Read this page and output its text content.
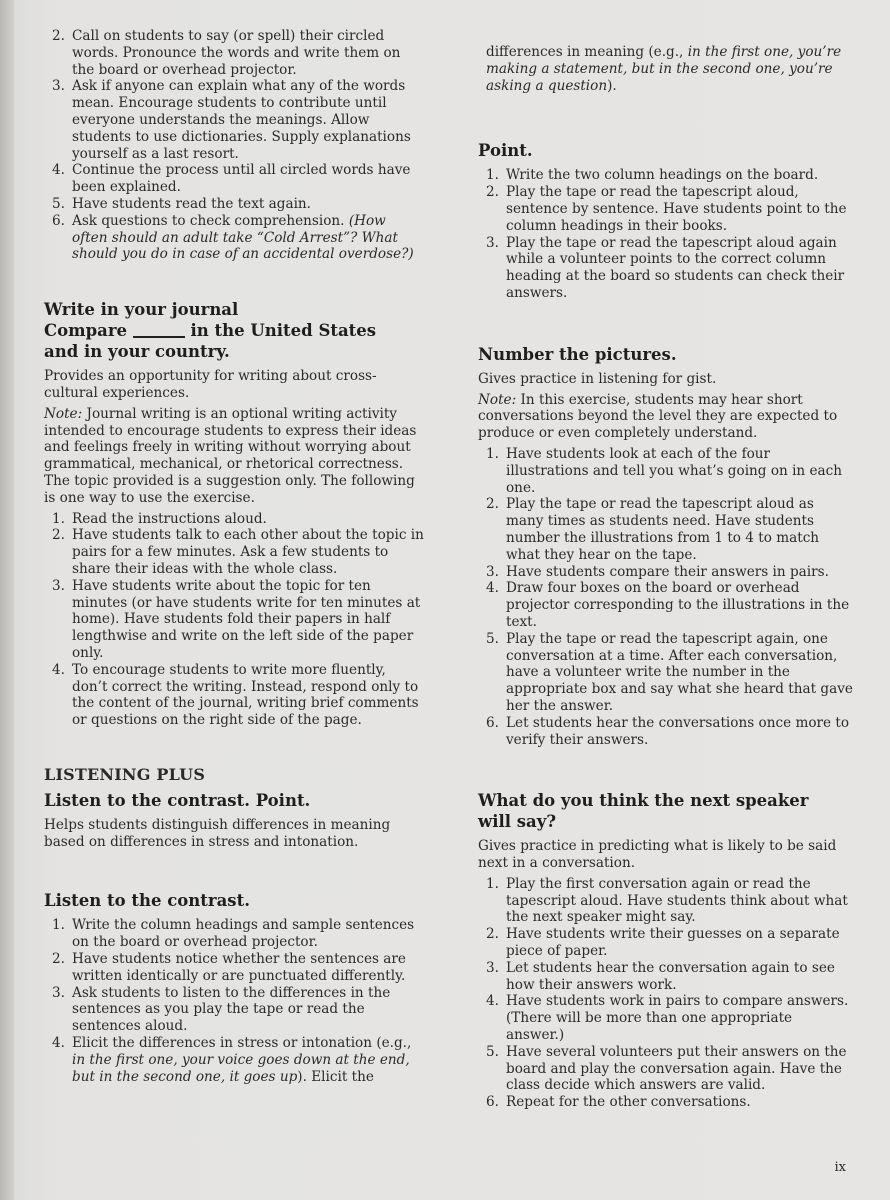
2. Call on students to say (or spell) their circled words. Pronounce the words and write them on the board or overhead projector.
3. Ask if anyone can explain what any of the words mean. Encourage students to contribute until everyone understands the meanings. Allow students to use dictionaries. Supply explanations yourself as a last resort.
4. Continue the process until all circled words have been explained.
5. Have students read the text again.
6. Ask questions to check comprehension. (How often should an adult take “Cold Arrest”? What should you do in case of an accidental overdose?)
Write in your journal
Compare	in the United States
and in your country.

Provides an opportunity for writing about cross-cultural experiences.

Note: Journal writing is an optional writing activity intended to encourage students to express their ideas and feelings freely in writing without worrying about grammatical, mechanical, or rhetorical correctness. The topic provided is a suggestion only. The following is one way to use the exercise.

1. Read the instructions aloud.
2. Have students talk to each other about the topic in pairs for a few minutes. Ask a few students to share their ideas with the whole class.
3. Have students write about the topic for ten minutes (or have students write for ten minutes at home). Have students fold their papers in half lengthwise and write on the left side of the paper only.
4. To encourage students to write more fluently, don’t correct the writing. Instead, respond only to the content of the journal, writing brief comments or questions on the right side of the page.
LISTENING PLUS
Listen to the contrast. Point.

Helps students distinguish differences in meaning based on differences in stress and intonation.

Listen to the contrast.
1. Write the column headings and sample sentences on the board or overhead projector.
2. Have students notice whether the sentences are written identically or are punctuated differently.
3. Ask students to listen to the differences in the sentences as you play the tape or read the sentences aloud.
4. Elicit the differences in stress or intonation (e.g., in the first one, your voice goes down at the end, but in the second one, it goes up). Elicit the

differences in meaning (e.g., in the first one, you’re making a statement, but in the second one, you’re asking a question).

Point.
1. Write the two column headings on the board.
2. Play the tape or read the tapescript aloud, sentence by sentence. Have students point to the column headings in their books.
3. Play the tape or read the tapescript aloud again while a volunteer points to the correct column heading at the board so students can check their answers.
Number the pictures.

Gives practice in listening for gist.

Note: In this exercise, students may hear short conversations beyond the level they are expected to produce or even completely understand.

1. Have students look at each of the four illustrations and tell you what’s going on in each one.
2. Play the tape or read the tapescript aloud as many times as students need. Have students number the illustrations from 1 to 4 to match what they hear on the tape.
3. Have students compare their answers in pairs.
4. Draw four boxes on the board or overhead projector corresponding to the illustrations in the text.
5. Play the tape or read the tapescript again, one conversation at a time. After each conversation, have a volunteer write the number in the appropriate box and say what she heard that gave her the answer.
6. Let students hear the conversations once more to verify their answers.
What do you think the next speaker
will say?

Gives practice in predicting what is likely to be said next in a conversation.

1. Play the first conversation again or read the tapescript aloud. Have students think about what the next speaker might say.
2. Have students write their guesses on a separate piece of paper.
3. Let students hear the conversation again to see how their answers work.
4. Have students work in pairs to compare answers. (There will be more than one appropriate answer.)
5. Have several volunteers put their answers on the board and play the conversation again. Have the class decide which answers are valid.
6. Repeat for the other conversations.
ix
